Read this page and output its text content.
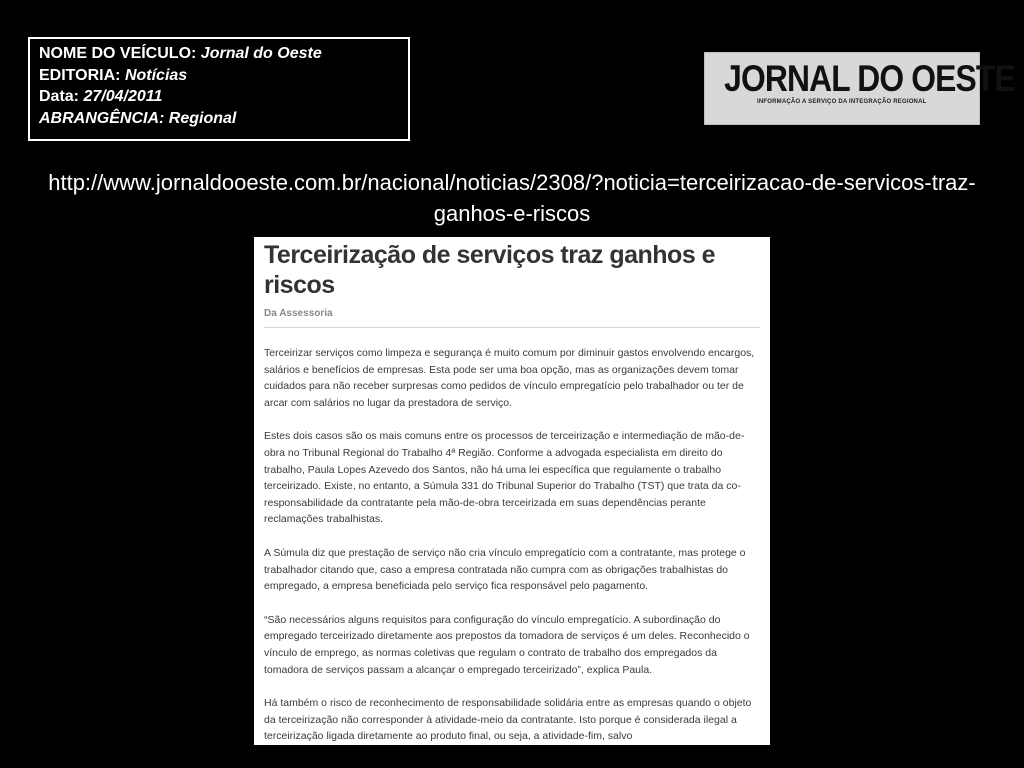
NOME DO VEÍCULO: Jornal do Oeste
EDITORIA: Notícias
Data: 27/04/2011
ABRANGÊNCIA: Regional
JORNAL DO OESTE
INFORMAÇÃO A SERVIÇO DA INTEGRAÇÃO REGIONAL
http://www.jornaldooeste.com.br/nacional/noticias/2308/?noticia=terceirizacao-de-servicos-traz-ganhos-e-riscos
Terceirização de serviços traz ganhos e riscos
Da Assessoria

Terceirizar serviços como limpeza e segurança é muito comum por diminuir gastos envolvendo encargos, salários e benefícios de empresas. Esta pode ser uma boa opção, mas as organizações devem tomar cuidados para não receber surpresas como pedidos de vínculo empregatício pelo trabalhador ou ter de arcar com salários no lugar da prestadora de serviço.

Estes dois casos são os mais comuns entre os processos de terceirização e intermediação de mão-de-obra no Tribunal Regional do Trabalho 4ª Região. Conforme a advogada especialista em direito do trabalho, Paula Lopes Azevedo dos Santos, não há uma lei específica que regulamente o trabalho terceirizado. Existe, no entanto, a Súmula 331 do Tribunal Superior do Trabalho (TST) que trata da co-responsabilidade da contratante pela mão-de-obra terceirizada em suas dependências perante reclamações trabalhistas.

A Súmula diz que prestação de serviço não cria vínculo empregatício com a contratante, mas protege o trabalhador citando que, caso a empresa contratada não cumpra com as obrigações trabalhistas do empregado, a empresa beneficiada pelo serviço fica responsável pelo pagamento.

“São necessários alguns requisitos para configuração do vínculo empregatício. A subordinação do empregado terceirizado diretamente aos prepostos da tomadora de serviços é um deles. Reconhecido o vínculo de emprego, as normas coletivas que regulam o contrato de trabalho dos empregados da tomadora de serviços passam a alcançar o empregado terceirizado”, explica Paula.

Há também o risco de reconhecimento de responsabilidade solidária entre as empresas quando o objeto da terceirização não corresponder à atividade-meio da contratante. Isto porque é considerada ilegal a terceirização ligada diretamente ao produto final, ou seja, a atividade-fim, salvo
